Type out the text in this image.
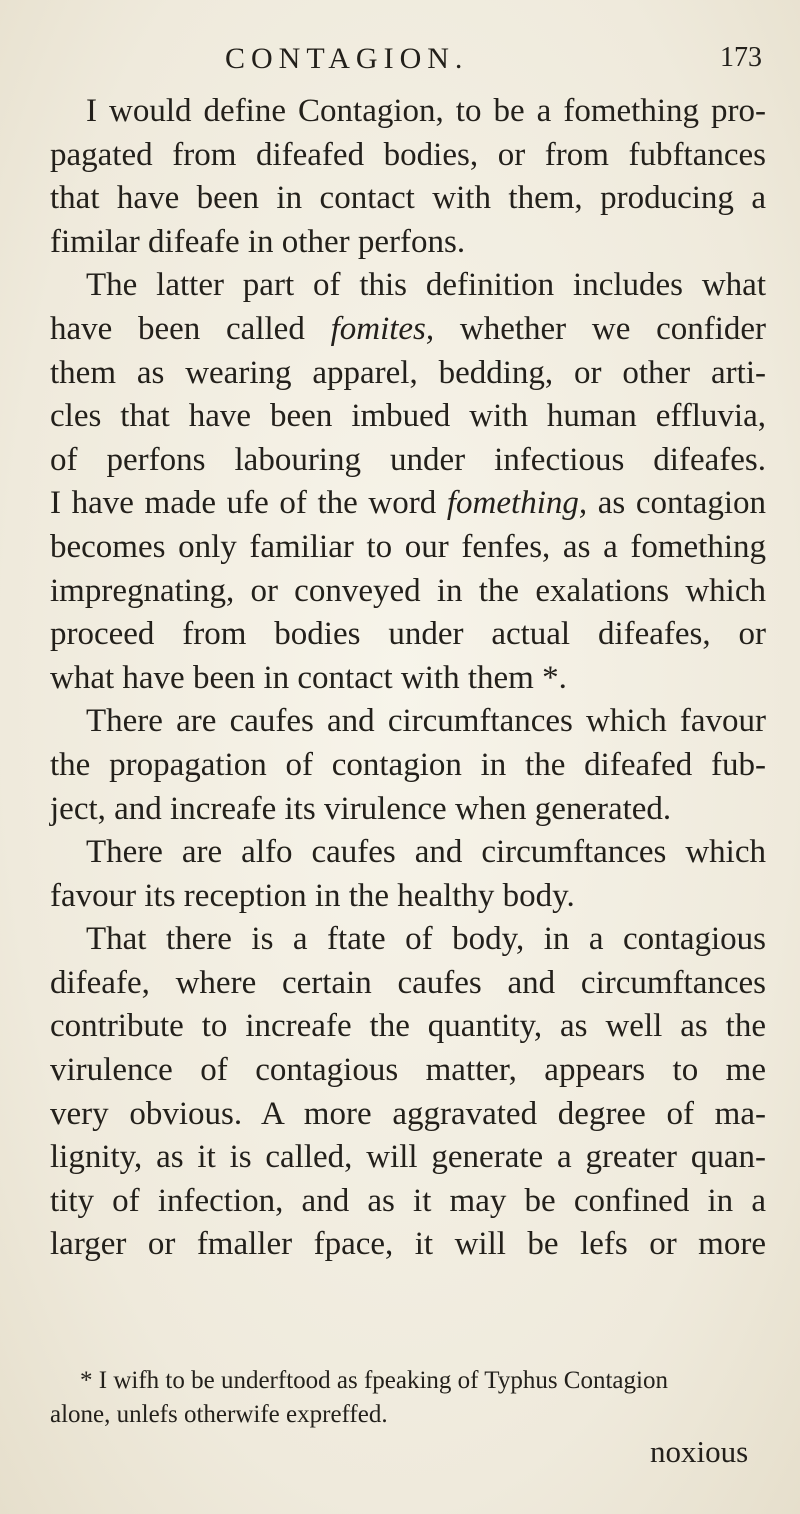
CONTAGION.	173
I would define Contagion, to be a fomething pro-
pagated from difeafed bodies, or from fubftances
that have been in contact with them, producing a
fimilar difeafe in other perfons.
The latter part of this definition includes what
have been called fomites, whether we confider
them as wearing apparel, bedding, or other arti-
cles that have been imbued with human effluvia,
of perfons labouring under infectious difeafes.
I have made ufe of the word fomething, as contagion
becomes only familiar to our fenfes, as a fomething
impregnating, or conveyed in the exalations which
proceed from bodies under actual difeafes, or
what have been in contact with them *.
There are caufes and circumftances which favour
the propagation of contagion in the difeafed fub-
ject, and increafe its virulence when generated.
There are alfo caufes and circumftances which
favour its reception in the healthy body.
That there is a ftate of body, in a contagious
difeafe, where certain caufes and circumftances
contribute to increafe the quantity, as well as the
virulence of contagious matter, appears to me
very obvious. A more aggravated degree of ma-
lignity, as it is called, will generate a greater quan-
tity of infection, and as it may be confined in a
larger or fmaller fpace, it will be lefs or more
* I wifh to be underftood as fpeaking of Typhus Contagion
alone, unlefs otherwife expreffed.
noxious
